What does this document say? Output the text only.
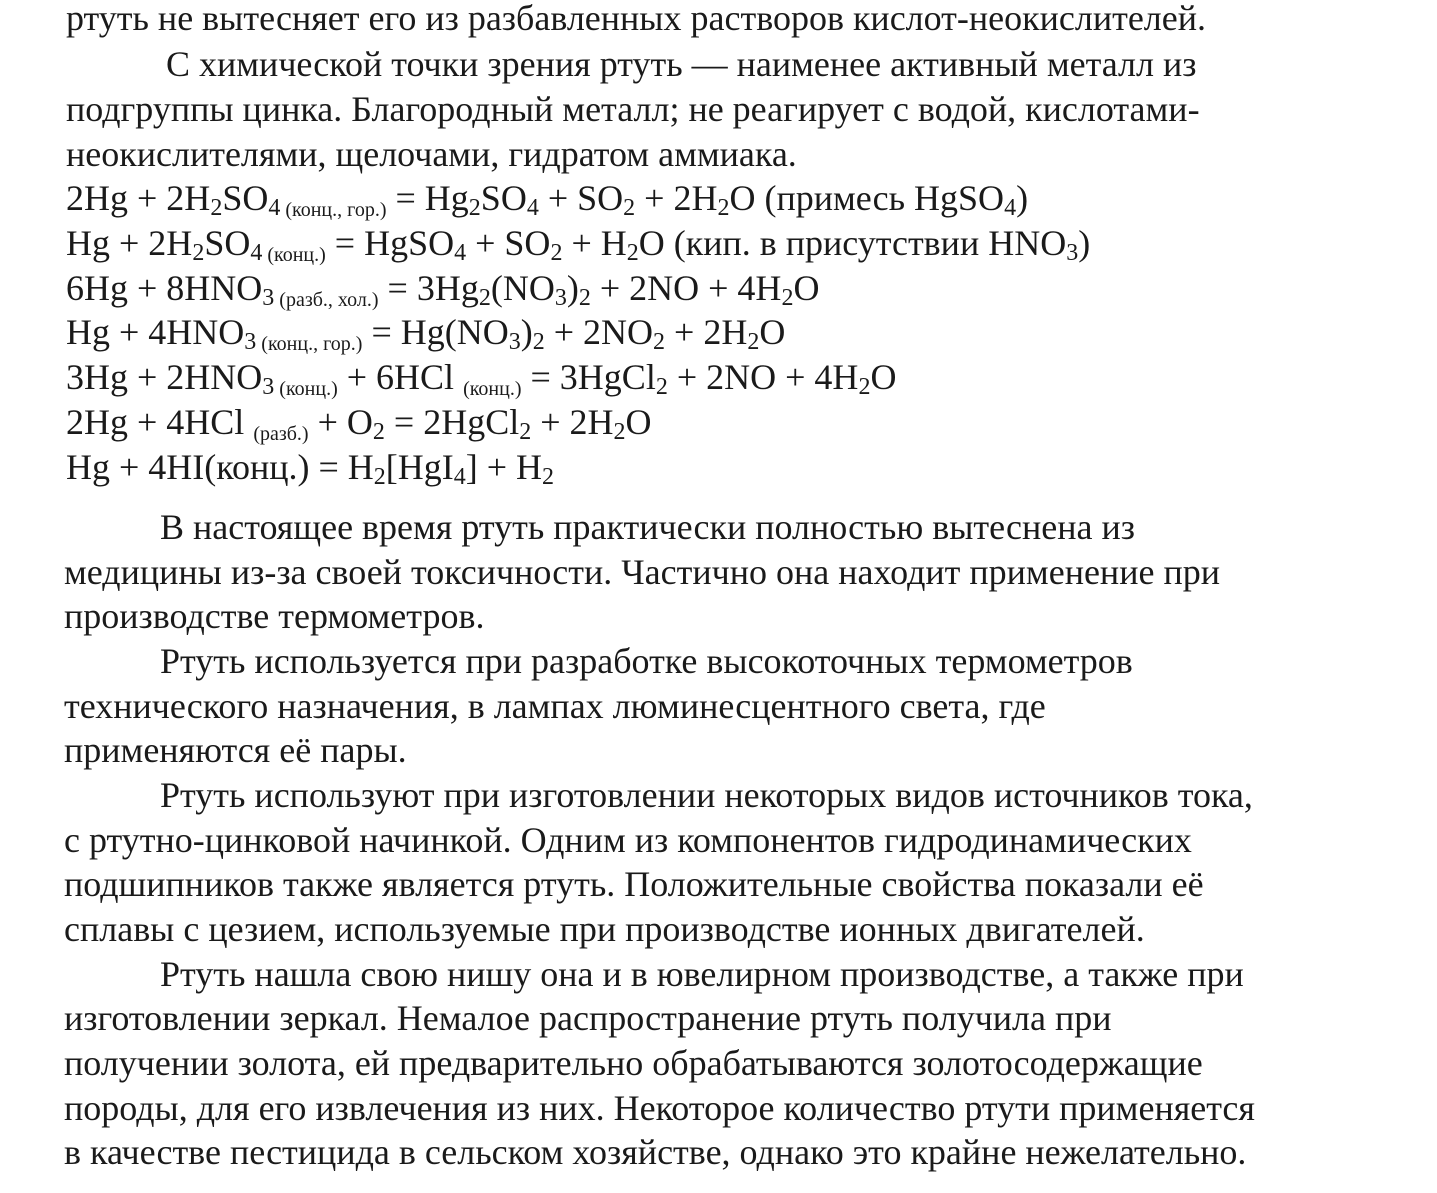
ртуть не вытесняет его из разбавленных растворов кислот-неокислителей.
С химической точки зрения ртуть — наименее активный металл из
подгруппы цинка. Благородный металл; не реагирует с водой, кислотами-
неокислителями, щелочами, гидратом аммиака.
$2Hg + 2H_2SO_4$ (конц., $гор.) = Hg_2SO_4 + SO_2 + 2H_2O$ (примесь HgSO$_4$)
$Hg + 2H_2SO_4$ (конц.) = HgSO$_4$ + $SO_2 + H_2O$ (кип. в присутствии $HNO_3$)
$6Hg + 8HNO_3$ (разб., $хол.) = 3Hg_2(NO_3)_2 + 2NO + 4H_2O$
$Hg + 4HNO_3$ (конц., $гор.) = Hg(NO_3)_2 + 2NO_2 + 2H_2O$
$3Hg + 2HNO_3$ (конц.) + 6HCl (конц.) = 3HgCl$_2$ + $2NO + 4H_2O$
2Hg + 4HCl (разб.) + $O_2$ = 2HgCl$_2$ + $2H_2O$
Hg + 4HI(конц.) = $H_2[HgI_4] + H_2$
В настоящее время ртуть практически полностью вытеснена из
медицины из-за своей токсичности. Частично она находит применение при
производстве термометров.
Ртуть используется при разработке высокоточных термометров
технического назначения, в лампах люминесцентного света, где
применяются её пары.
Ртуть используют при изготовлении некоторых видов источников тока,
с ртутно-цинковой начинкой. Одним из компонентов гидродинамических
подшипников также является ртуть. Положительные свойства показали её
сплавы с цезием, используемые при производстве ионных двигателей.
Ртуть нашла свою нишу она и в ювелирном производстве, а также при
изготовлении зеркал. Немалое распространение ртуть получила при
получении золота, ей предварительно обрабатываются золотосодержащие
породы, для его извлечения из них. Некоторое количество ртути применяется
в качестве пестицида в сельском хозяйстве, однако это крайне нежелательно.
